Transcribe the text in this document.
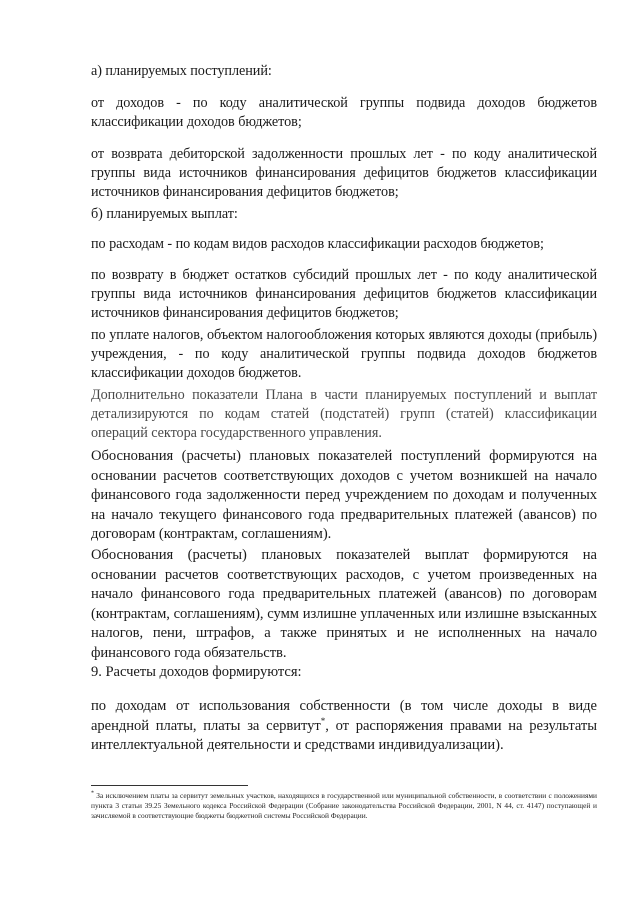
а) планируемых поступлений:

от доходов - по коду аналитической группы подвида доходов бюджетов классификации доходов бюджетов;

от возврата дебиторской задолженности прошлых лет - по коду аналитической группы вида источников финансирования дефицитов бюджетов классификации источников финансирования дефицитов бюджетов;

б) планируемых выплат:

по расходам - по кодам видов расходов классификации расходов бюджетов;

по возврату в бюджет остатков субсидий прошлых лет - по коду аналитической группы вида источников финансирования дефицитов бюджетов классификации источников финансирования дефицитов бюджетов;

по уплате налогов, объектом налогообложения которых являются доходы (прибыль) учреждения, - по коду аналитической группы подвида доходов бюджетов классификации доходов бюджетов.

Дополнительно показатели Плана в части планируемых поступлений и выплат детализируются по кодам статей (подстатей) групп (статей) классификации операций сектора государственного управления.

Обоснования (расчеты) плановых показателей поступлений формируются на основании расчетов соответствующих доходов с учетом возникшей на начало финансового года задолженности перед учреждением по доходам и полученных на начало текущего финансового года предварительных платежей (авансов) по договорам (контрактам, соглашениям).

Обоснования (расчеты) плановых показателей выплат формируются на основании расчетов соответствующих расходов, с учетом произведенных на начало финансового года предварительных платежей (авансов) по договорам (контрактам, соглашениям), сумм излишне уплаченных или излишне взысканных налогов, пени, штрафов, а также принятых и не исполненных на начало финансового года обязательств.

9. Расчеты доходов формируются:

по доходам от использования собственности (в том числе доходы в виде арендной платы, платы за сервитут*, от распоряжения правами на результаты интеллектуальной деятельности и средствами индивидуализации).

* За исключением платы за сервитут земельных участков, находящихся в государственной или муниципальной собственности, в соответствии с положениями пункта 3 статьи 39.25 Земельного кодекса Российской Федерации (Собрание законодательства Российской Федерации, 2001, N 44, ст. 4147) поступающей и зачисляемой в соответствующие бюджеты бюджетной системы Российской Федерации.
